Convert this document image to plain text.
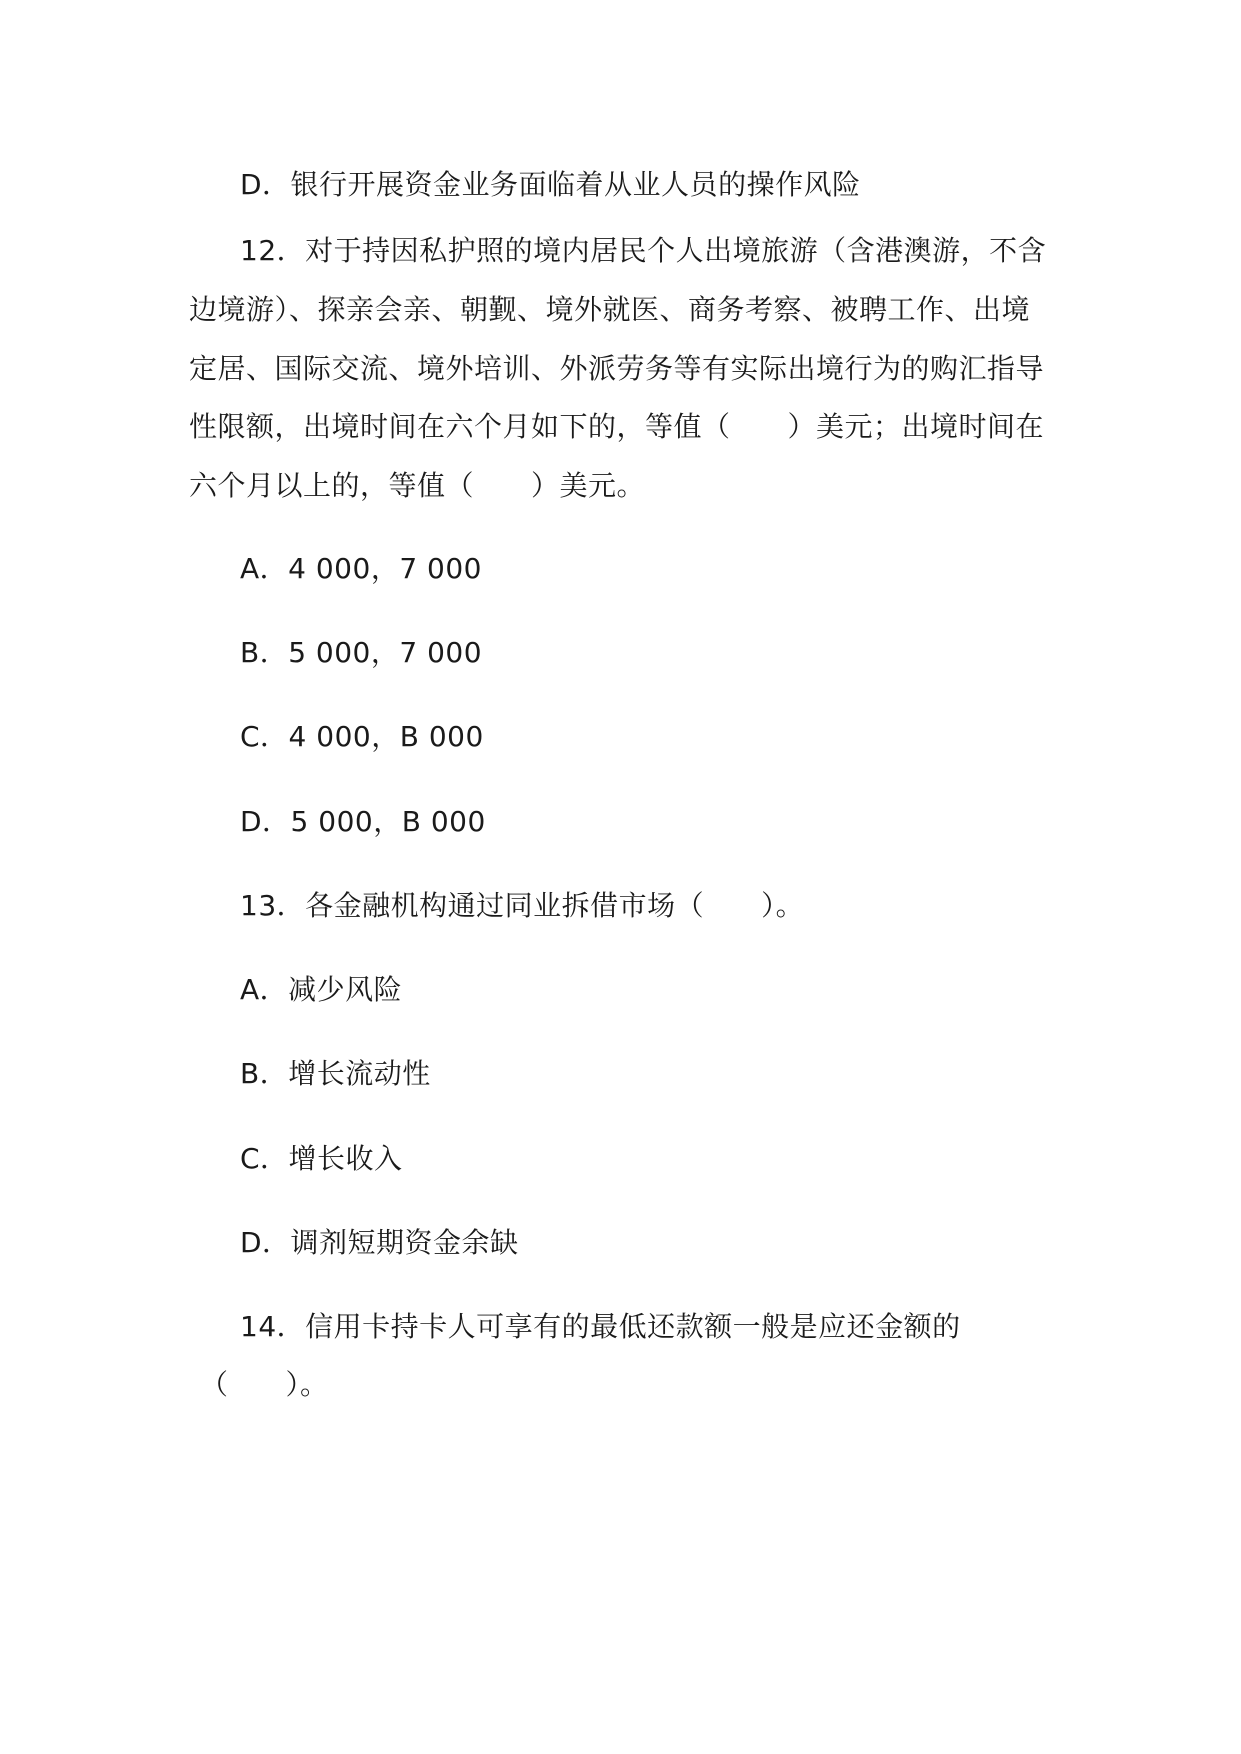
D．银行开展资金业务面临着从业人员的操作风险
12．对于持因私护照的境内居民个人出境旅游（含港澳游，不含
边境游）、探亲会亲、朝觐、境外就医、商务考察、被聘工作、出境
定居、国际交流、境外培训、外派劳务等有实际出境行为的购汇指导
性限额，出境时间在六个月如下的，等值（　　）美元；出境时间在
六个月以上的，等值（　　）美元。
A．4 000，7 000
B．5 000，7 000
C．4 000，B 000
D．5 000，B 000
13．各金融机构通过同业拆借市场（　　）。
A．减少风险
B．增长流动性
C．增长收入
D．调剂短期资金余缺
14．信用卡持卡人可享有的最低还款额一般是应还金额的
（　　）。
